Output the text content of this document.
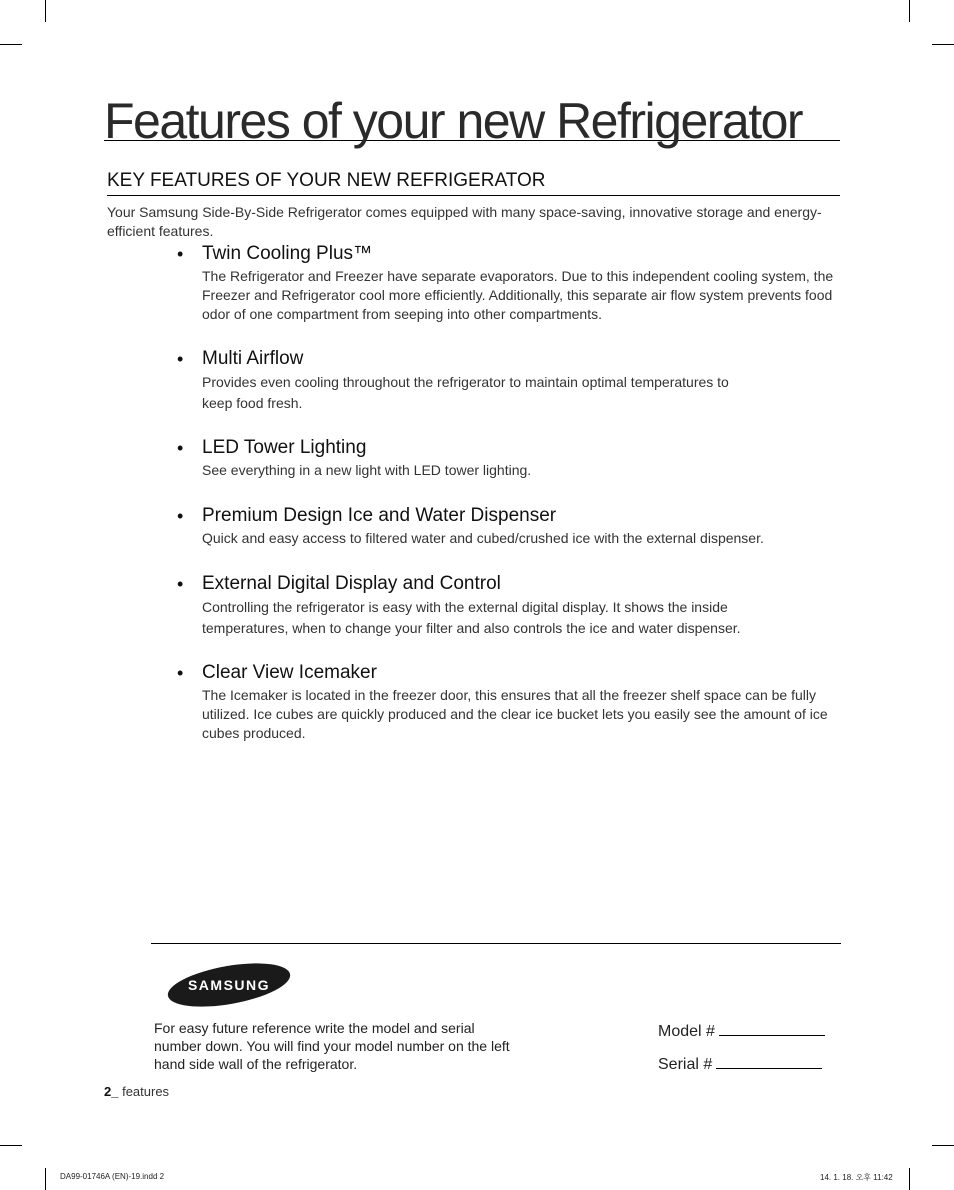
Features of your new Refrigerator
KEY FEATURES OF YOUR NEW REFRIGERATOR
Your Samsung Side-By-Side Refrigerator comes equipped with many space-saving, innovative storage and energy-efficient features.
• Twin Cooling Plus™
The Refrigerator and Freezer have separate evaporators. Due to this independent cooling system, the Freezer and Refrigerator cool more efficiently. Additionally, this separate air flow system prevents food odor of one compartment from seeping into other compartments.
• Multi Airflow
Provides even cooling throughout the refrigerator to maintain optimal temperatures to keep food fresh.
• LED Tower Lighting
See everything in a new light with LED tower lighting.
• Premium Design Ice and Water Dispenser
Quick and easy access to filtered water and cubed/crushed ice with the external dispenser.
• External Digital Display and Control
Controlling the refrigerator is easy with the external digital display. It shows the inside temperatures, when to change your filter and also controls the ice and water dispenser.
• Clear View Icemaker
The Icemaker is located in the freezer door, this ensures that all the freezer shelf space can be fully utilized. Ice cubes are quickly produced and the clear ice bucket lets you easily see the amount of ice cubes produced.
SAMSUNG
For easy future reference write the model and serial number down. You will find your model number on the left hand side wall of the refrigerator.
Model #
Serial #
2_ features
DA99-01746A (EN)-19.indd 2	14. 1. 18. 오후 11:42
